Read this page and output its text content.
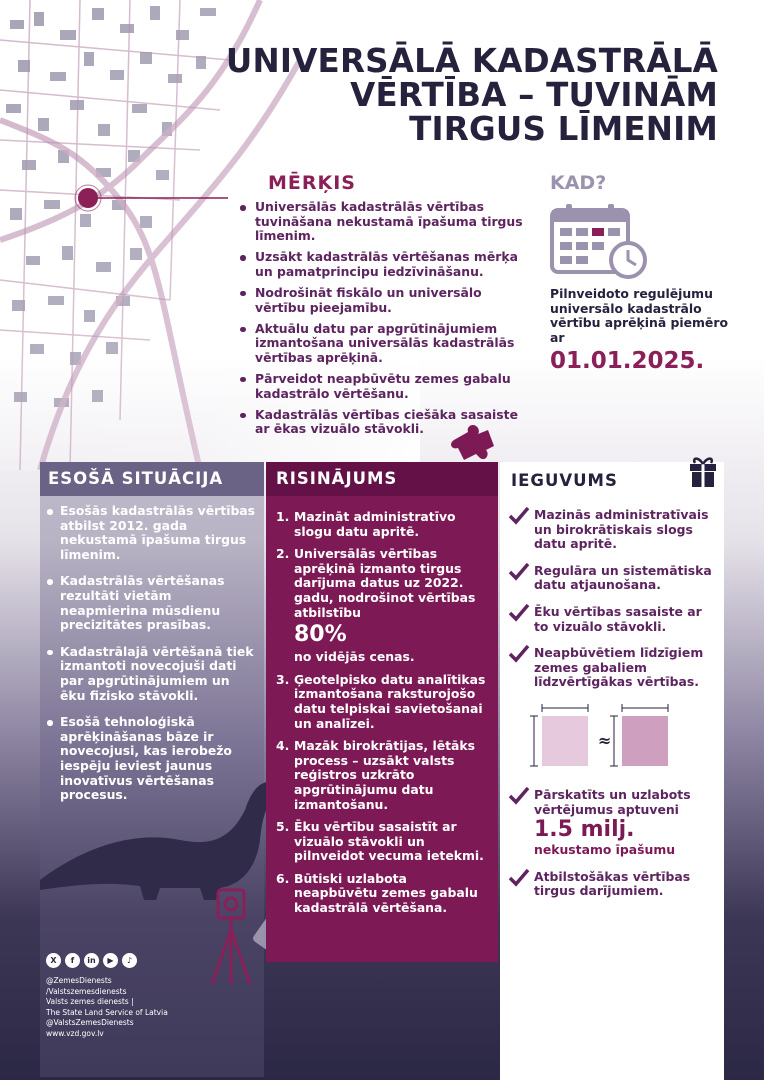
UNIVERSĀLĀ KADASTRĀLĀ
VĒRTĪBA – TUVINĀM
TIRGUS LĪMENIM
MĒRĶIS
Universālās kadastrālās vērtības tuvināšana nekustamā īpašuma tirgus līmenim.
Uzsākt kadastrālās vērtēšanas mērķa un pamatprincipu iedzīvināšanu.
Nodrošināt fiskālo un universālo vērtību pieejamību.
Aktuālu datu par apgrūtinājumiem izmantošana universālās kadastrālās vērtības aprēķinā.
Pārveidot neapbūvētu zemes gabalu kadastrālo vērtēšanu.
Kadastrālās vērtības ciešāka sasaiste ar ēkas vizuālo stāvokli.
KAD?

Pilnveidoto regulējumu universālo kadastrālo vērtību aprēķinā piemēro ar

01.01.2025.
ESOŠĀ SITUĀCIJA
Esošās kadastrālās vērtības atbilst 2012. gada nekustamā īpašuma tirgus līmenim.
Kadastrālās vērtēšanas rezultāti vietām neapmierina mūsdienu precizitātes prasības.
Kadastrālajā vērtēšanā tiek izmantoti novecojuši dati par apgrūtinājumiem un ēku fizisko stāvokli.
Esošā tehnoloģiskā aprēķināšanas bāze ir novecojusi, kas ierobežo iespēju ieviest jaunus inovatīvus vērtēšanas procesus.
RISINĀJUMS
1. Mazināt administratīvo slogu datu apritē.
2. Universālās vērtības aprēķinā izmanto tirgus darījuma datus uz 2022. gadu, nodrošinot vērtības atbilstību
80%
no vidējās cenas.
3. Ģeotelpisko datu analītikas izmantošana raksturojošo datu telpiskai savietošanai un analīzei.
4. Mazāk birokrātijas, lētāks process – uzsākt valsts reģistros uzkrāto apgrūtinājumu datu izmantošanu.
5. Ēku vērtību sasaistīt ar vizuālo stāvokli un pilnveidot vecuma ietekmi.
6. Būtiski uzlabota neapbūvētu zemes gabalu kadastrālā vērtēšana.
IEGUVUMS
Mazinās administratīvais un birokrātiskais slogs datu apritē.
Regulāra un sistemātiska datu atjaunošana.
Ēku vērtības sasaiste ar to vizuālo stāvokli.
Neapbūvētiem līdzīgiem zemes gabaliem līdzvērtīgākas vērtības.
≈
Pārskatīts un uzlabots vērtējumus aptuveni
1.5 milj.
nekustamo īpašumu
Atbilstošākas vērtības tirgus darījumiem.
X	f	in	▶	♪
@ZemesDienests
/Valstszemesdienests
Valsts zemes dienests |
The State Land Service of Latvia
@ValstsZemesDienests
www.vzd.gov.lv
Valsts zemes
dienests
